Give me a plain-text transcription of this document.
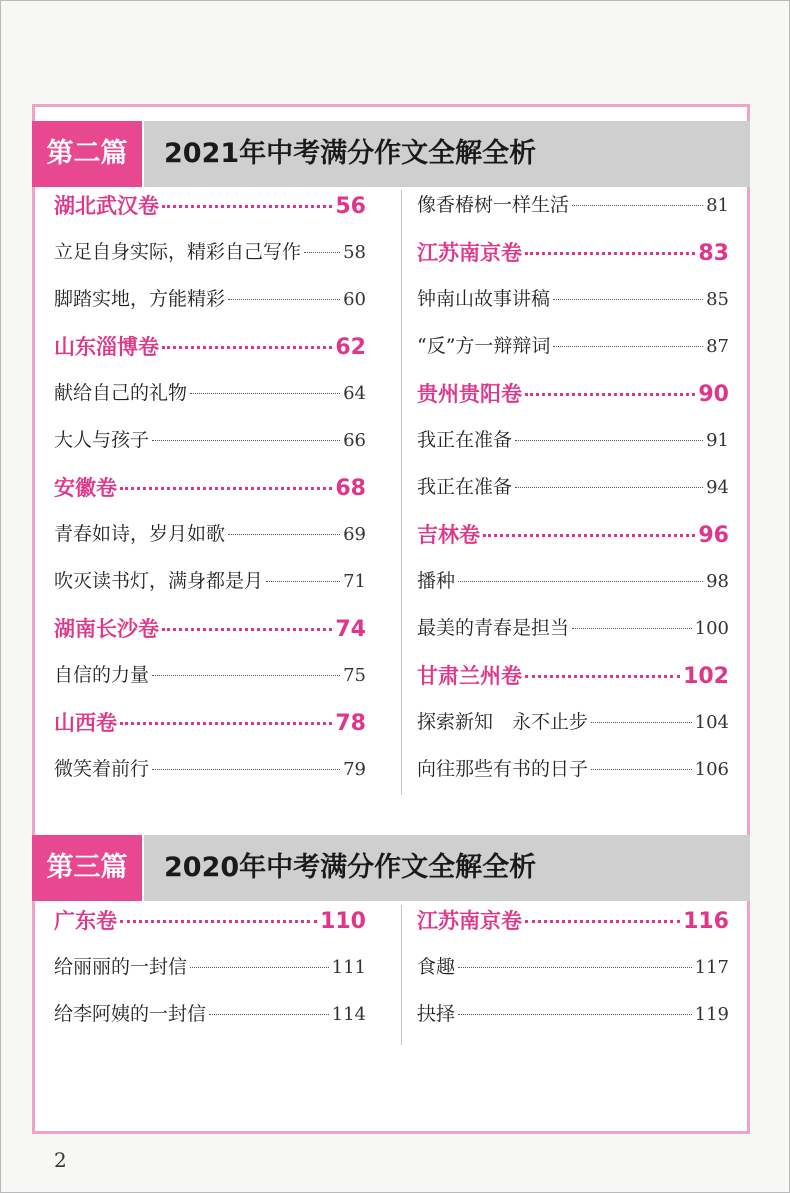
第二篇	2021年中考满分作文全解全析
湖北武汉卷	56
立足自身实际，精彩自己写作 58
脚踏实地，方能精彩	60
山东淄博卷	62
献给自己的礼物	64
大人与孩子	66
安徽卷	68
青春如诗，岁月如歌	69
吹灭读书灯，满身都是月	71
湖南长沙卷	74
自信的力量	75
山西卷	78
微笑着前行	79
像香椿树一样生活	81
江苏南京卷	83
钟南山故事讲稿	85
“反”方一辩辩词	87
贵州贵阳卷	90
我正在准备	91
我正在准备	94
吉林卷	96
播种	98
最美的青春是担当	100
甘肃兰州卷	102
探索新知　永不止步	104
向往那些有书的日子	106
第三篇	2020年中考满分作文全解全析
广东卷	110
给丽丽的一封信	111
给李阿姨的一封信	114
江苏南京卷	116
食趣	117
抉择	119
2
